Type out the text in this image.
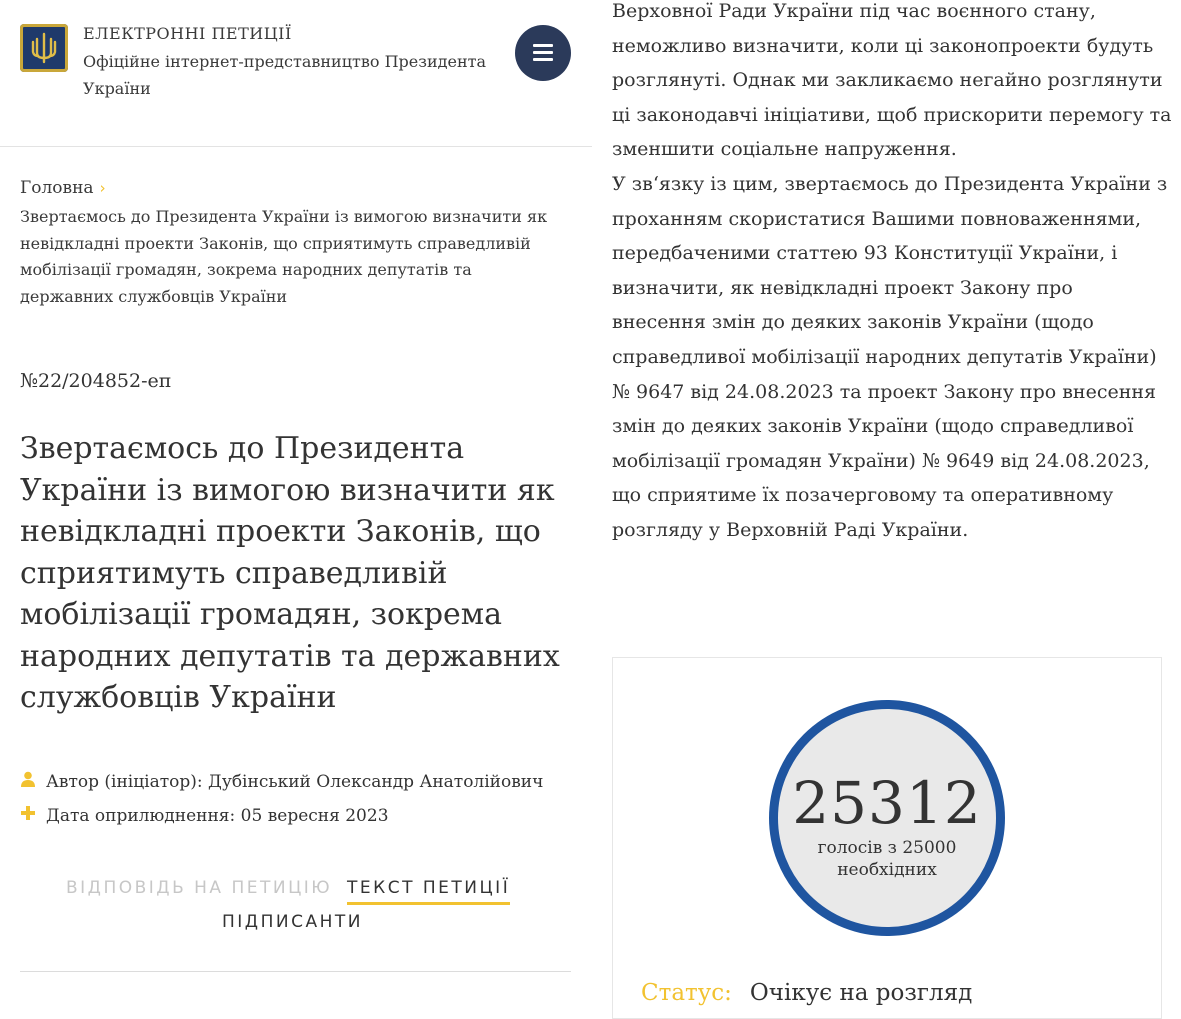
ЕЛЕКТРОННІ ПЕТИЦІЇ
Офіційне інтернет-представництво Президента України
Головна ›
Звертаємось до Президента України із вимогою визначити як невідкладні проекти Законів, що сприятимуть справедливій мобілізації громадян, зокрема народних депутатів та державних службовців України
№22/204852-еп
Звертаємось до Президента України із вимогою визначити як невідкладні проекти Законів, що сприятимуть справедливій мобілізації громадян, зокрема народних депутатів та державних службовців України
Автор (ініціатор): Дубінський Олександр Анатолійович
Дата оприлюднення: 05 вересня 2023
ВІДПОВІДЬ НА ПЕТИЦІЮ ТЕКСТ ПЕТИЦІЇ
ПІДПИСАНТИ

Верховної Ради України під час воєнного стану, неможливо визначити, коли ці законопроекти будуть розглянуті. Однак ми закликаємо негайно розглянути ці законодавчі ініціативи, щоб прискорити перемогу та зменшити соціальне напруження.

У зв‘язку із цим, звертаємось до Президента України з проханням скористатися Вашими повноваженнями, передбаченими статтею 93 Конституції України, і визначити, як невідкладні проект Закону про внесення змін до деяких законів України (щодо справедливої мобілізації народних депутатів України) № 9647 від 24.08.2023 та проект Закону про внесення змін до деяких законів України (щодо справедливої мобілізації громадян України) № 9649 від 24.08.2023, що сприятиме їх позачерговому та оперативному розгляду у Верховній Раді України.

25312
голосів з 25000 необхідних
Статус: Очікує на розгляд
